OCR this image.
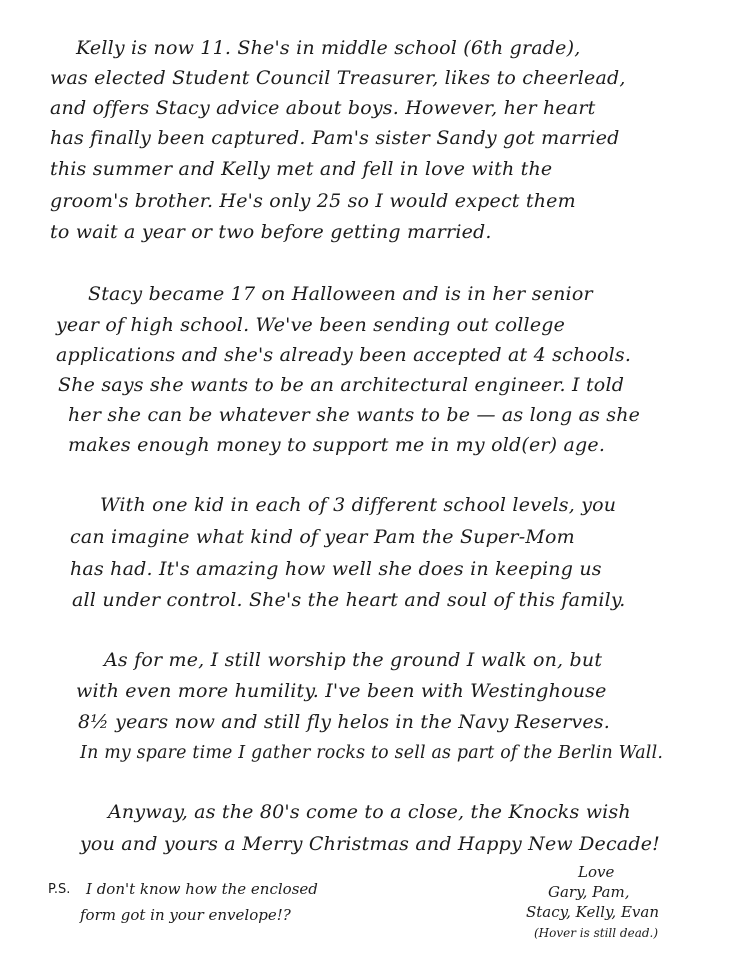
Kelly is now 11. She's in middle school (6th grade),
was elected Student Council Treasurer, likes to cheerlead,
and offers Stacy advice about boys. However, her heart
has finally been captured. Pam's sister Sandy got married
this summer and Kelly met and fell in love with the
groom's brother. He's only 25 so I would expect them
to wait a year or two before getting married.
Stacy became 17 on Halloween and is in her senior
year of high school. We've been sending out college
applications and she's already been accepted at 4 schools.
She says she wants to be an architectural engineer. I told
her she can be whatever she wants to be — as long as she
makes enough money to support me in my old(er) age.
With one kid in each of 3 different school levels, you
can imagine what kind of year Pam the Super-Mom
has had. It's amazing how well she does in keeping us
all under control. She's the heart and soul of this family.
As for me, I still worship the ground I walk on, but
with even more humility. I've been with Westinghouse
8½ years now and still fly helos in the Navy Reserves.
In my spare time I gather rocks to sell as part of the Berlin Wall.
Anyway, as the 80's come to a close, the Knocks wish
you and yours a Merry Christmas and Happy New Decade!
P.S. I don't know how the enclosed
form got in your envelope!?
Love
Gary, Pam,
Stacy, Kelly, Evan
(Hover is still dead.)
